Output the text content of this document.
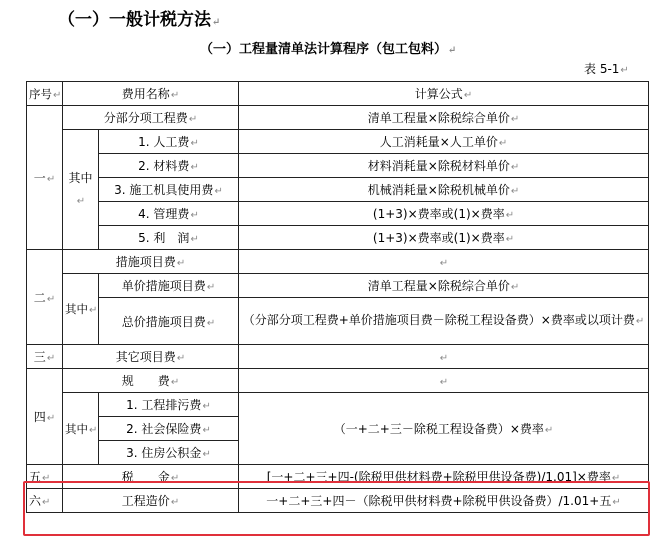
（一）一般计税方法↵
（一）工程量清单法计算程序（包工包料）↵
表 5-1↵
序号↵	费用名称↵		计算公式↵
一↵	分部分项工程费↵		清单工程量×除税综合单价↵
	其中↵	1. 人工费↵	人工消耗量×人工单价↵
		2. 材料费↵	材料消耗量×除税材料单价↵
		3. 施工机具使用费↵	机械消耗量×除税机械单价↵
		4. 管理费↵	(1+3)×费率或(1)×费率↵
		5. 利　润↵	(1+3)×费率或(1)×费率↵
二↵	措施项目费↵		↵
	其中↵	单价措施项目费↵	清单工程量×除税综合单价↵
		总价措施项目费↵	（分部分项工程费+单价措施项目费－除税工程设备费）×费率或以项计费↵
三↵	其它项目费↵		↵
四↵	规　　费↵		↵
	其中↵	1. 工程排污费↵	（一+二+三－除税工程设备费）×费率↵
		2. 社会保险费↵	
		3. 住房公积金↵	
五↵	税　　金↵		[一+二+三+四-(除税甲供材料费+除税甲供设备费)/1.01]×费率↵
六↵	工程造价↵		一+二+三+四－（除税甲供材料费+除税甲供设备费）/1.01+五↵
